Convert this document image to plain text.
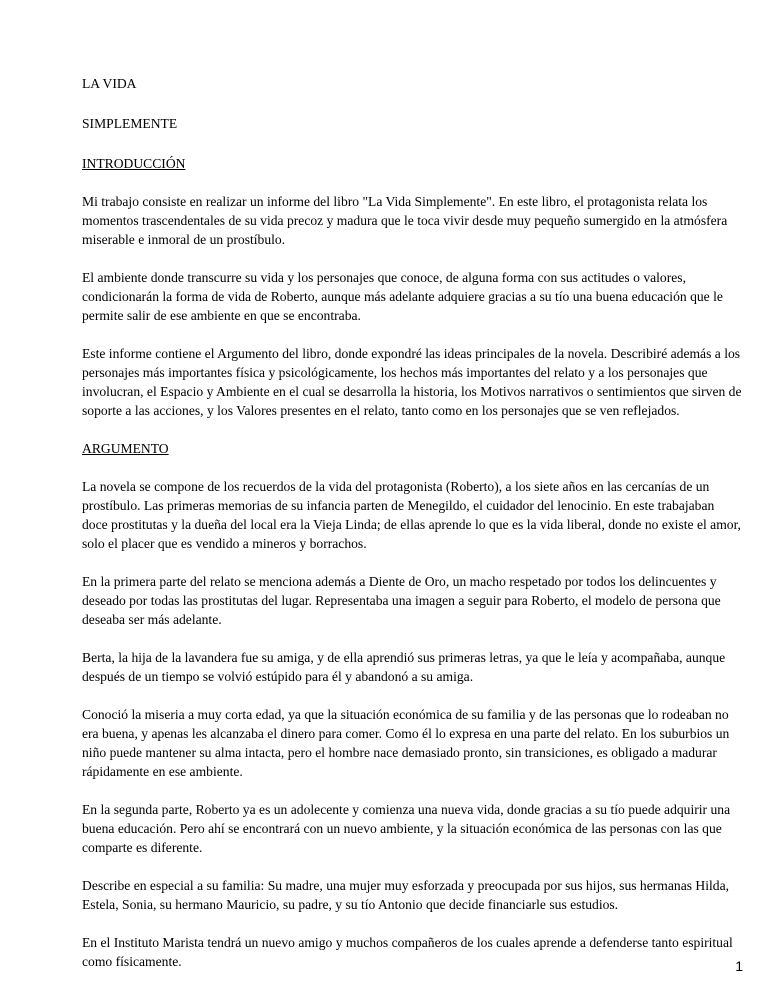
LA VIDA

SIMPLEMENTE

INTRODUCCIÓN

Mi trabajo consiste en realizar un informe del libro "La Vida Simplemente". En este libro, el protagonista relata los momentos trascendentales de su vida precoz y madura que le toca vivir desde muy pequeño sumergido en la atmósfera miserable e inmoral de un prostíbulo.

El ambiente donde transcurre su vida y los personajes que conoce, de alguna forma con sus actitudes o valores, condicionarán la forma de vida de Roberto, aunque más adelante adquiere gracias a su tío una buena educación que le permite salir de ese ambiente en que se encontraba.

Este informe contiene el Argumento del libro, donde expondré las ideas principales de la novela. Describiré además a los personajes más importantes física y psicológicamente, los hechos más importantes del relato y a los personajes que involucran, el Espacio y Ambiente en el cual se desarrolla la historia, los Motivos narrativos o sentimientos que sirven de soporte a las acciones, y los Valores presentes en el relato, tanto como en los personajes que se ven reflejados.

ARGUMENTO

La novela se compone de los recuerdos de la vida del protagonista (Roberto), a los siete años en las cercanías de un prostíbulo. Las primeras memorias de su infancia parten de Menegildo, el cuidador del lenocinio. En este trabajaban doce prostitutas y la dueña del local era la Vieja Linda; de ellas aprende lo que es la vida liberal, donde no existe el amor, solo el placer que es vendido a mineros y borrachos.

En la primera parte del relato se menciona además a Diente de Oro, un macho respetado por todos los delincuentes y deseado por todas las prostitutas del lugar. Representaba una imagen a seguir para Roberto, el modelo de persona que deseaba ser más adelante.

Berta, la hija de la lavandera fue su amiga, y de ella aprendió sus primeras letras, ya que le leía y acompañaba, aunque después de un tiempo se volvió estúpido para él y abandonó a su amiga.

Conoció la miseria a muy corta edad, ya que la situación económica de su familia y de las personas que lo rodeaban no era buena, y apenas les alcanzaba el dinero para comer. Como él lo expresa en una parte del relato. En los suburbios un niño puede mantener su alma intacta, pero el hombre nace demasiado pronto, sin transiciones, es obligado a madurar rápidamente en ese ambiente.

En la segunda parte, Roberto ya es un adolecente y comienza una nueva vida, donde gracias a su tío puede adquirir una buena educación. Pero ahí se encontrará con un nuevo ambiente, y la situación económica de las personas con las que comparte es diferente.

Describe en especial a su familia: Su madre, una mujer muy esforzada y preocupada por sus hijos, sus hermanas Hilda, Estela, Sonia, su hermano Mauricio, su padre, y su tío Antonio que decide financiarle sus estudios.

En el Instituto Marista tendrá un nuevo amigo y muchos compañeros de los cuales aprende a defenderse tanto espiritual como físicamente.	1
